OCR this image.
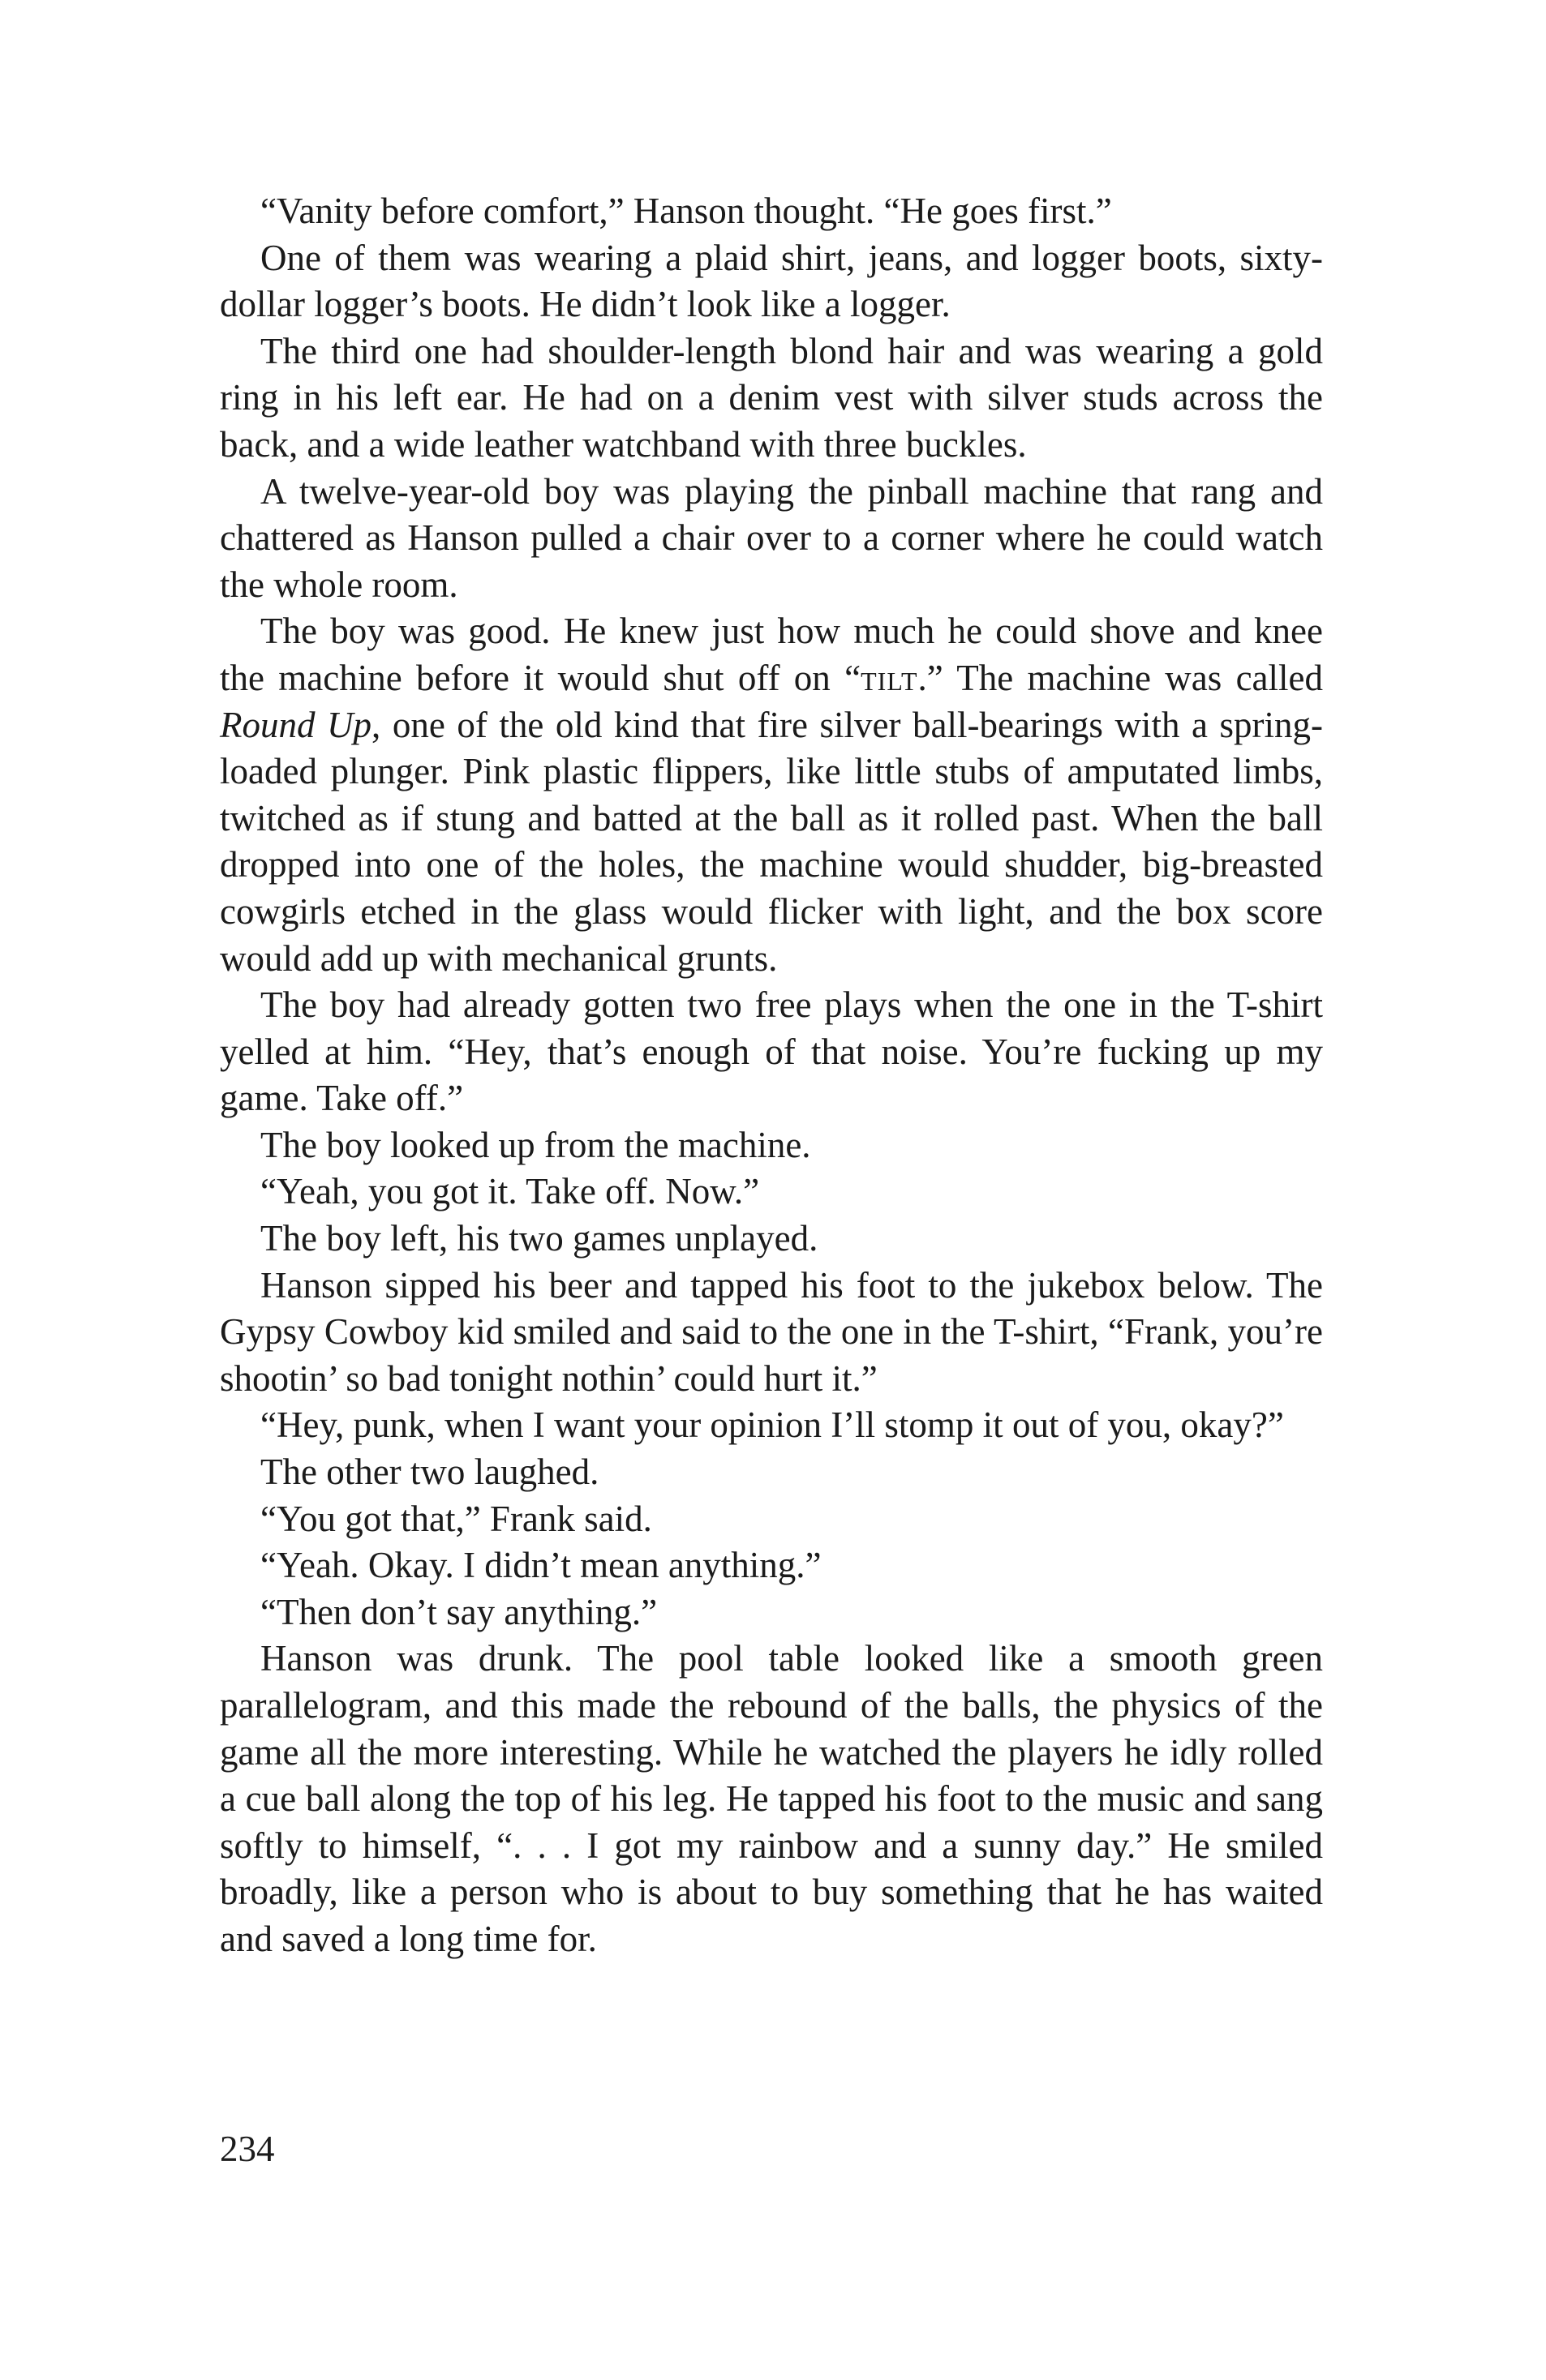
“Vanity before comfort,” Hanson thought. “He goes first.”

One of them was wearing a plaid shirt, jeans, and logger boots, sixty-dollar logger’s boots. He didn’t look like a logger.

The third one had shoulder-length blond hair and was wearing a gold ring in his left ear. He had on a denim vest with silver studs across the back, and a wide leather watchband with three buckles.

A twelve-year-old boy was playing the pinball machine that rang and chattered as Hanson pulled a chair over to a corner where he could watch the whole room.

The boy was good. He knew just how much he could shove and knee the machine before it would shut off on “tilt.” The machine was called Round Up, one of the old kind that fire silver ball-bearings with a spring-loaded plunger. Pink plastic flippers, like little stubs of amputated limbs, twitched as if stung and batted at the ball as it rolled past. When the ball dropped into one of the holes, the machine would shudder, big-breasted cowgirls etched in the glass would flicker with light, and the box score would add up with mechanical grunts.

The boy had already gotten two free plays when the one in the T-shirt yelled at him. “Hey, that’s enough of that noise. You’re fucking up my game. Take off.”

The boy looked up from the machine.

“Yeah, you got it. Take off. Now.”

The boy left, his two games unplayed.

Hanson sipped his beer and tapped his foot to the jukebox below. The Gypsy Cowboy kid smiled and said to the one in the T-shirt, “Frank, you’re shootin’ so bad tonight nothin’ could hurt it.”

“Hey, punk, when I want your opinion I’ll stomp it out of you, okay?”

The other two laughed.

“You got that,” Frank said.

“Yeah. Okay. I didn’t mean anything.”

“Then don’t say anything.”

Hanson was drunk. The pool table looked like a smooth green parallelogram, and this made the rebound of the balls, the physics of the game all the more interesting. While he watched the players he idly rolled a cue ball along the top of his leg. He tapped his foot to the music and sang softly to himself, “. . . I got my rainbow and a sunny day.” He smiled broadly, like a person who is about to buy something that he has waited and saved a long time for.

234
